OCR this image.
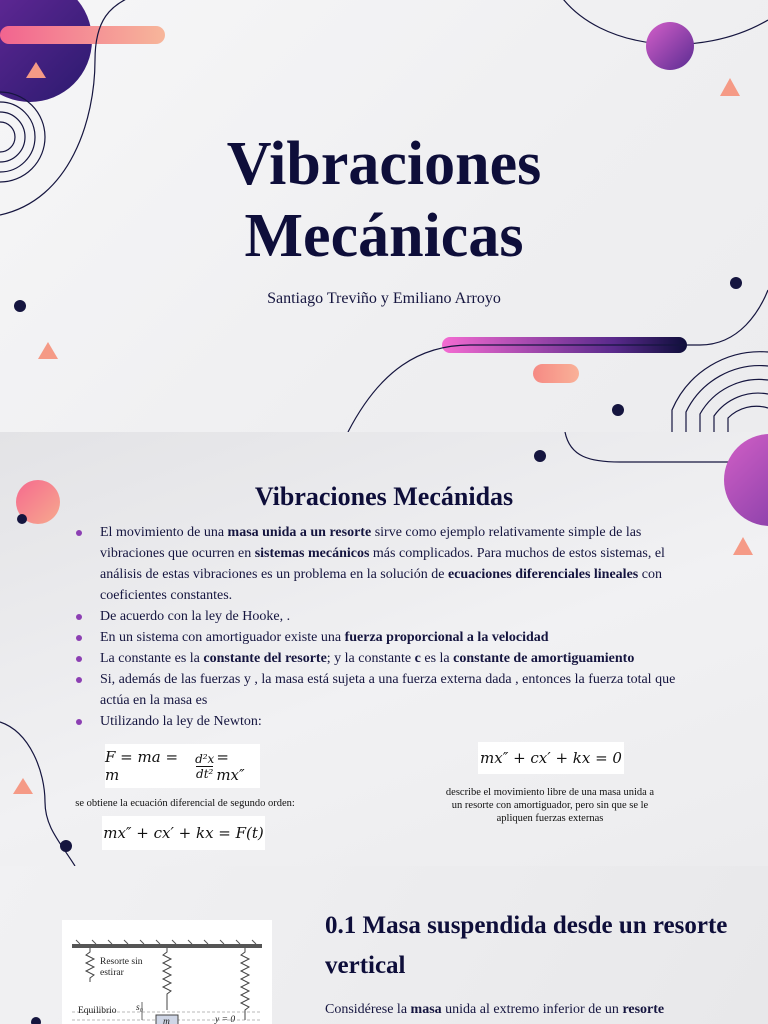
Vibraciones
Mecánicas
Santiago Treviño y Emiliano Arroyo
Vibraciones Mecánidas
El movimiento de una masa unida a un resorte sirve como ejemplo relativamente simple de las vibraciones que ocurren en sistemas mecánicos más complicados. Para muchos de estos sistemas, el análisis de estas vibraciones es un problema en la solución de ecuaciones diferenciales lineales con coeficientes constantes.
De acuerdo con la ley de Hooke, .
En un sistema con amortiguador existe una fuerza proporcional a la velocidad
La constante es la constante del resorte; y la constante c es la constante de amortiguamiento
Si, además de las fuerzas y , la masa está sujeta a una fuerza externa dada , entonces la fuerza total que actúa en la masa es
Utilizando la ley de Newton:
F = ma = m	$\frac{\text{d²x}}{\text{dt²}} = mx''$
se obtiene la ecuación diferencial de segundo orden:
mx″ + cx′ + kx = F(t)
mx″ + cx′ + kx = 0
describe el movimiento libre de una masa unida a un resorte con amortiguador, pero sin que se le apliquen fuerzas externas
Resorte sin estirar
Equilibrio s₀
m	y = 0
0.1 Masa suspendida desde un resorte vertical
Considérese la masa unida al extremo inferior de un resorte
